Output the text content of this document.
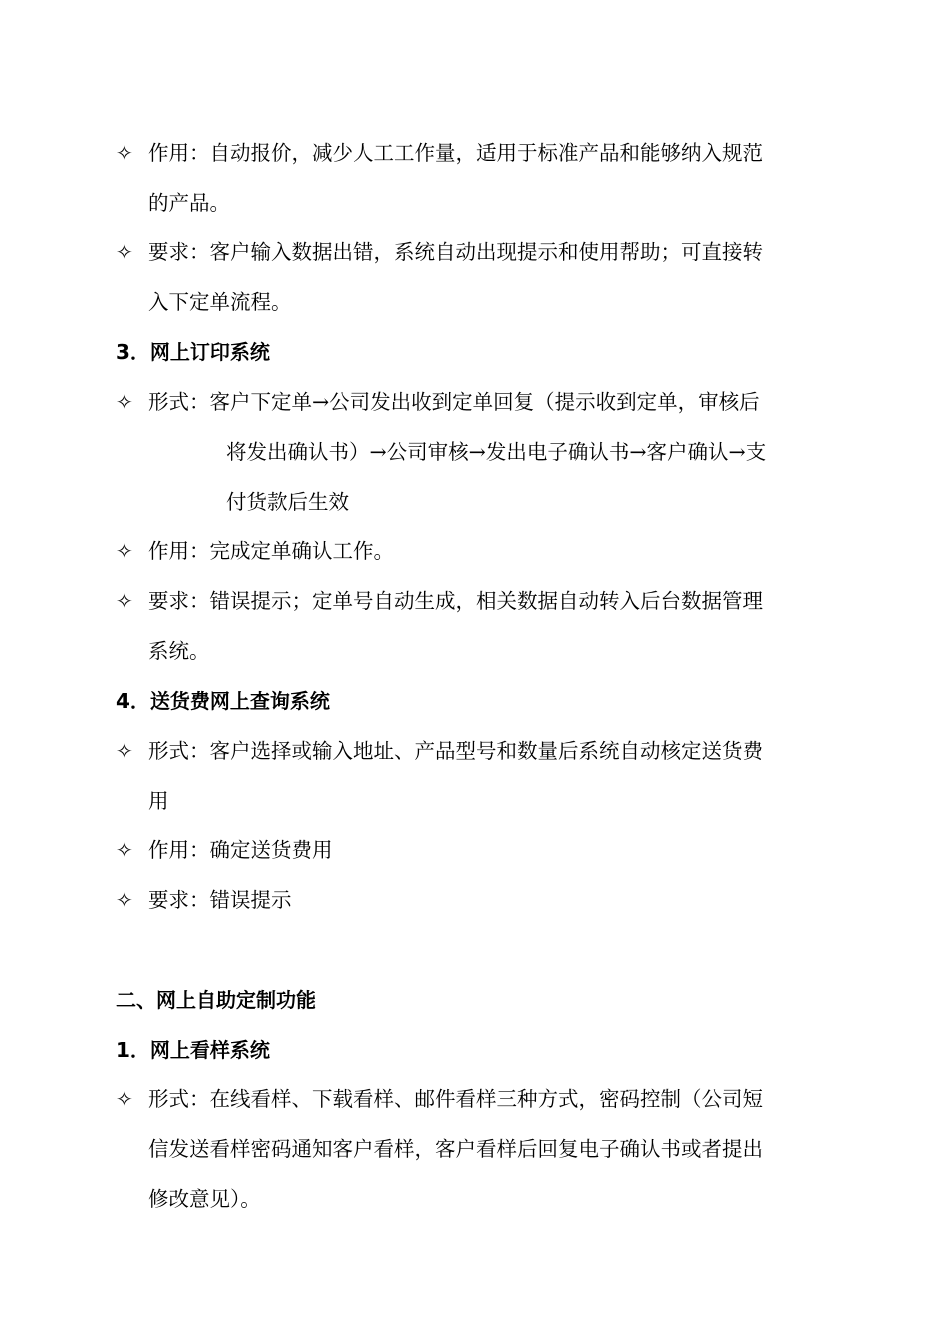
✧ 作用：自动报价，减少人工工作量，适用于标准产品和能够纳入规范
的产品。
✧ 要求：客户输入数据出错，系统自动出现提示和使用帮助；可直接转
入下定单流程。
3．网上订印系统
✧ 形式：客户下定单→公司发出收到定单回复（提示收到定单，审核后
将发出确认书）→公司审核→发出电子确认书→客户确认→支
付货款后生效
✧ 作用：完成定单确认工作。
✧ 要求：错误提示；定单号自动生成，相关数据自动转入后台数据管理
系统。
4．送货费网上查询系统
✧ 形式：客户选择或输入地址、产品型号和数量后系统自动核定送货费
用
✧ 作用：确定送货费用
✧ 要求：错误提示
二、网上自助定制功能
1．网上看样系统
✧ 形式：在线看样、下载看样、邮件看样三种方式，密码控制（公司短
信发送看样密码通知客户看样，客户看样后回复电子确认书或者提出
修改意见）。
